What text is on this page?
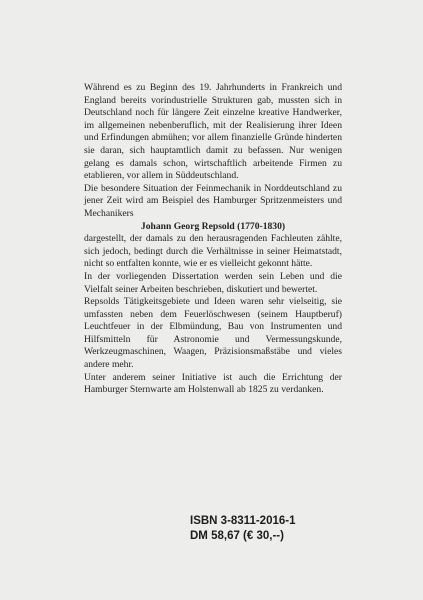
Während es zu Beginn des 19. Jahrhunderts in Frankreich und England bereits vorindustrielle Strukturen gab, mussten sich in Deutschland noch für längere Zeit einzelne kreative Handwerker, im allgemeinen nebenberuflich, mit der Realisierung ihrer Ideen und Erfindungen abmühen; vor allem finanzielle Gründe hinderten sie daran, sich hauptamtlich damit zu befassen. Nur wenigen gelang es damals schon, wirtschaftlich arbeitende Firmen zu etablieren, vor allem in Süddeutschland.

Die besondere Situation der Feinmechanik in Norddeutschland zu jener Zeit wird am Beispiel des Hamburger Spritzenmeisters und Mechanikers

Johann Georg Repsold (1770-1830)

dargestellt, der damals zu den herausragenden Fachleuten zählte, sich jedoch, bedingt durch die Verhältnisse in seiner Heimatstadt, nicht so entfalten konnte, wie er es vielleicht gekonnt hätte.

In der vorliegenden Dissertation werden sein Leben und die Vielfalt seiner Arbeiten beschrieben, diskutiert und bewertet.

Repsolds Tätigkeitsgebiete und Ideen waren sehr vielseitig, sie umfassten neben dem Feuerlöschwesen (seinem Hauptberuf) Leuchtfeuer in der Elbmündung, Bau von Instrumenten und Hilfsmitteln für Astronomie und Vermessungskunde, Werkzeugmaschinen, Waagen, Präzisionsmaßstäbe und vieles andere mehr.

Unter anderem seiner Initiative ist auch die Errichtung der Hamburger Sternwarte am Holstenwall ab 1825 zu verdanken.

ISBN 3-8311-2016-1
DM 58,67 (€ 30,--)
